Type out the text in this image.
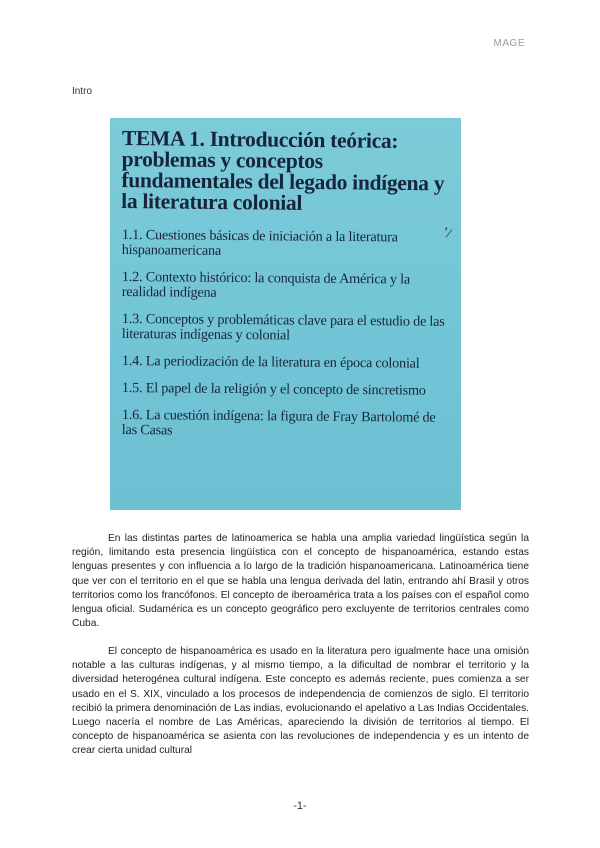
MAGE
Intro
TEMA 1. Introducción teórica: problemas y conceptos fundamentales del legado indígena y la literatura colonial
1.1. Cuestiones básicas de iniciación a la literatura hispanoamericana
1.2. Contexto histórico: la conquista de América y la realidad indígena
1.3. Conceptos y problemáticas clave para el estudio de las literaturas indígenas y colonial
1.4. La periodización de la literatura en época colonial
1.5. El papel de la religión y el concepto de sincretismo
1.6. La cuestión indígena: la figura de Fray Bartolomé de las Casas
ʼ/

En las distintas partes de latinoamerica se habla una amplia variedad lingüística según la región, limitando esta presencia lingüística con el concepto de hispanoamérica, estando estas lenguas presentes y con influencia a lo largo de la tradición hispanoamericana. Latinoamérica tiene que ver con el territorio en el que se habla una lengua derivada del latin, entrando ahí Brasil y otros territorios como los francófonos. El concepto de iberoamérica trata a los países con el español como lengua oficial. Sudamérica es un concepto geográfico pero excluyente de territorios centrales como Cuba.

El concepto de hispanoamérica es usado en la literatura pero igualmente hace una omisión notable a las culturas indígenas, y al mismo tiempo, a la dificultad de nombrar el territorio y la diversidad heterogénea cultural indígena. Este concepto es además reciente, pues comienza a ser usado en el S. XIX, vinculado a los procesos de independencia de comienzos de siglo. El territorio recibió la primera denominación de Las indias, evolucionando el apelativo a Las Indias Occidentales. Luego nacería el nombre de Las Américas, apareciendo la división de territorios al tiempo. El concepto de hispanoamérica se asienta con las revoluciones de independencia y es un intento de crear cierta unidad cultural

-1-
